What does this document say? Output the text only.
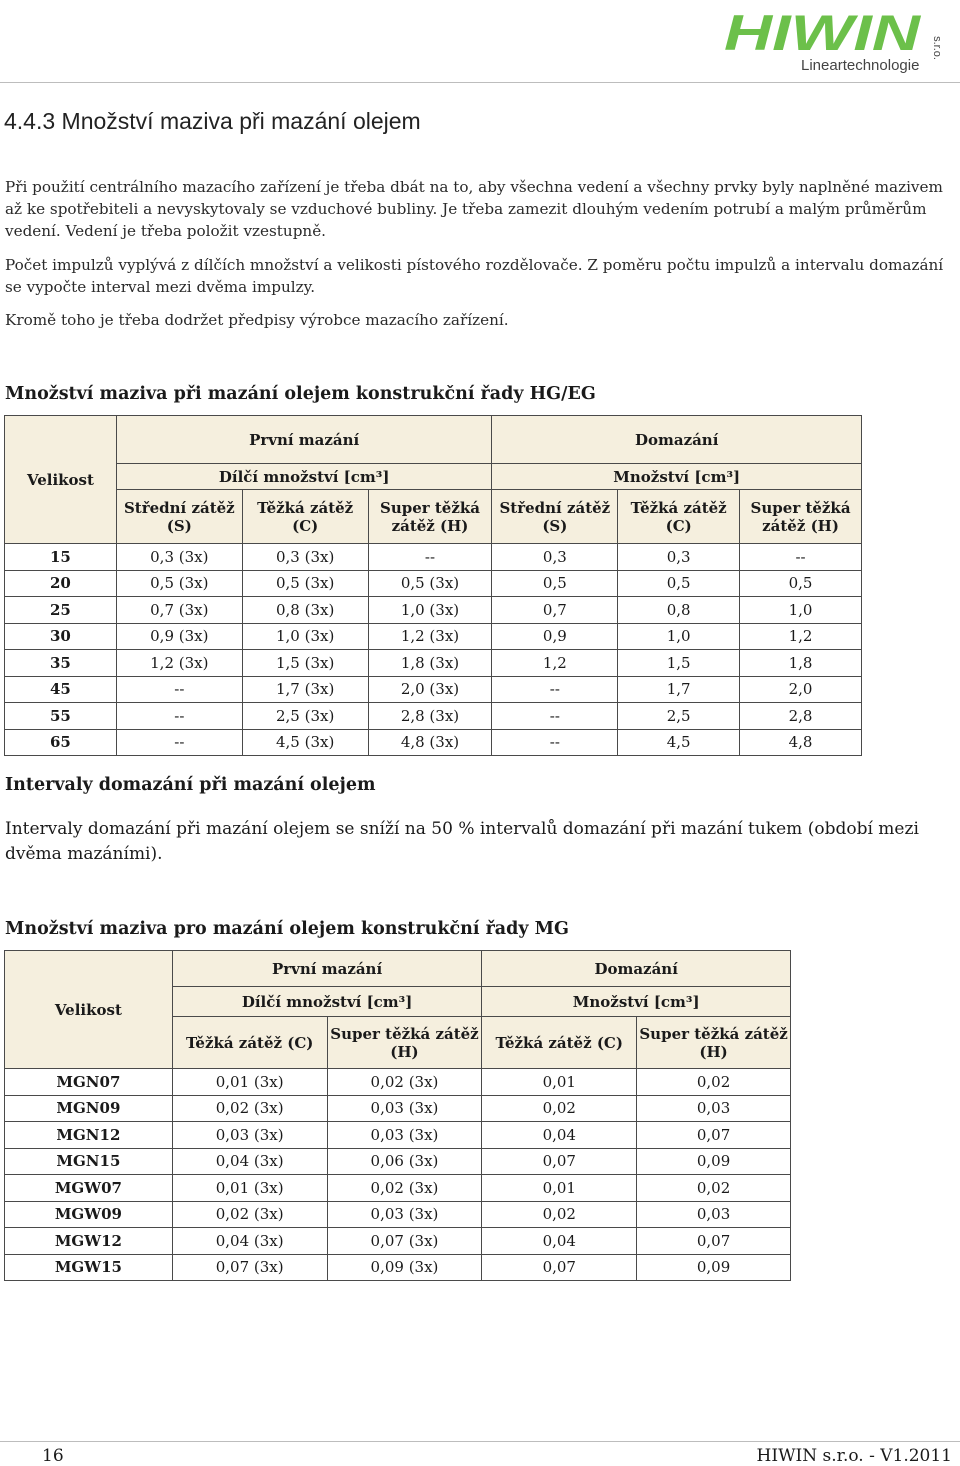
HIWIN s.r.o.
Lineartechnologie
4.4.3 Množství maziva při mazání olejem

Při použití centrálního mazacího zařízení je třeba dbát na to, aby všechna vedení a všechny prvky byly naplněné mazivem až ke spotřebiteli a nevyskytovaly se vzduchové bubliny. Je třeba zamezit dlouhým vedením potrubí a malým průměrům vedení. Vedení je třeba položit vzestupně.

Počet impulzů vyplývá z dílčích množství a velikosti pístového rozdělovače. Z poměru počtu impulzů a intervalu domazání se vypočte interval mezi dvěma impulzy.

Kromě toho je třeba dodržet předpisy výrobce mazacího zařízení.

Množství maziva při mazání olejem konstrukční řady HG/EG

Velikost	První mazání			Domazání		
	Dílčí množství [cm³]			Množství [cm³]		
	Střední zátěž (S)	Těžká zátěž (C)	Super těžká zátěž (H)	Střední zátěž (S)	Těžká zátěž (C)	Super těžká zátěž (H)
15	0,3 (3x)	0,3 (3x)	--	0,3	0,3	--
20	0,5 (3x)	0,5 (3x)	0,5 (3x)	0,5	0,5	0,5
25	0,7 (3x)	0,8 (3x)	1,0 (3x)	0,7	0,8	1,0
30	0,9 (3x)	1,0 (3x)	1,2 (3x)	0,9	1,0	1,2
35	1,2 (3x)	1,5 (3x)	1,8 (3x)	1,2	1,5	1,8
45	--	1,7 (3x)	2,0 (3x)	--	1,7	2,0
55	--	2,5 (3x)	2,8 (3x)	--	2,5	2,8
65	--	4,5 (3x)	4,8 (3x)	--	4,5	4,8

Intervaly domazání při mazání olejem

Intervaly domazání při mazání olejem se sníží na 50 % intervalů domazání při mazání tukem (období mezi dvěma mazáními).

Množství maziva pro mazání olejem konstrukční řady MG

Velikost	První mazání		Domazání	
	Dílčí množství [cm³]		Množství [cm³]	
	Těžká zátěž (C)	Super těžká zátěž (H)	Těžká zátěž (C)	Super těžká zátěž (H)
MGN07	0,01 (3x)	0,02 (3x)	0,01	0,02
MGN09	0,02 (3x)	0,03 (3x)	0,02	0,03
MGN12	0,03 (3x)	0,03 (3x)	0,04	0,07
MGN15	0,04 (3x)	0,06 (3x)	0,07	0,09
MGW07	0,01 (3x)	0,02 (3x)	0,01	0,02
MGW09	0,02 (3x)	0,03 (3x)	0,02	0,03
MGW12	0,04 (3x)	0,07 (3x)	0,04	0,07
MGW15	0,07 (3x)	0,09 (3x)	0,07	0,09
16	HIWIN s.r.o. - V1.2011
